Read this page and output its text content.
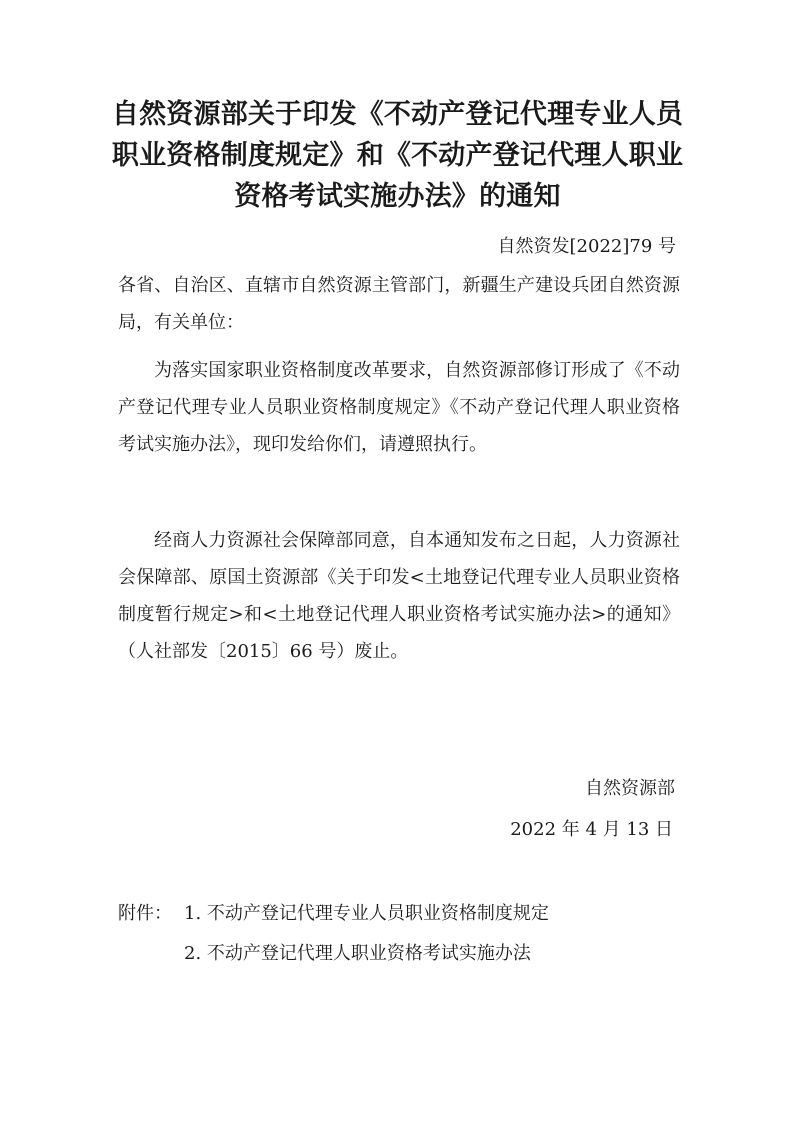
自然资源部关于印发《不动产登记代理专业人员职业资格制度规定》和《不动产登记代理人职业资格考试实施办法》的通知
自然资发[2022]79 号

各省、自治区、直辖市自然资源主管部门，新疆生产建设兵团自然资源局，有关单位：

为落实国家职业资格制度改革要求，自然资源部修订形成了《不动产登记代理专业人员职业资格制度规定》《不动产登记代理人职业资格考试实施办法》，现印发给你们，请遵照执行。

经商人力资源社会保障部同意，自本通知发布之日起，人力资源社会保障部、原国土资源部《关于印发<土地登记代理专业人员职业资格制度暂行规定>和<土地登记代理人职业资格考试实施办法>的通知》（人社部发〔2015〕66 号）废止。

自然资源部
2022 年 4 月 13 日
附件： 1. 不动产登记代理专业人员职业资格制度规定
2. 不动产登记代理人职业资格考试实施办法
